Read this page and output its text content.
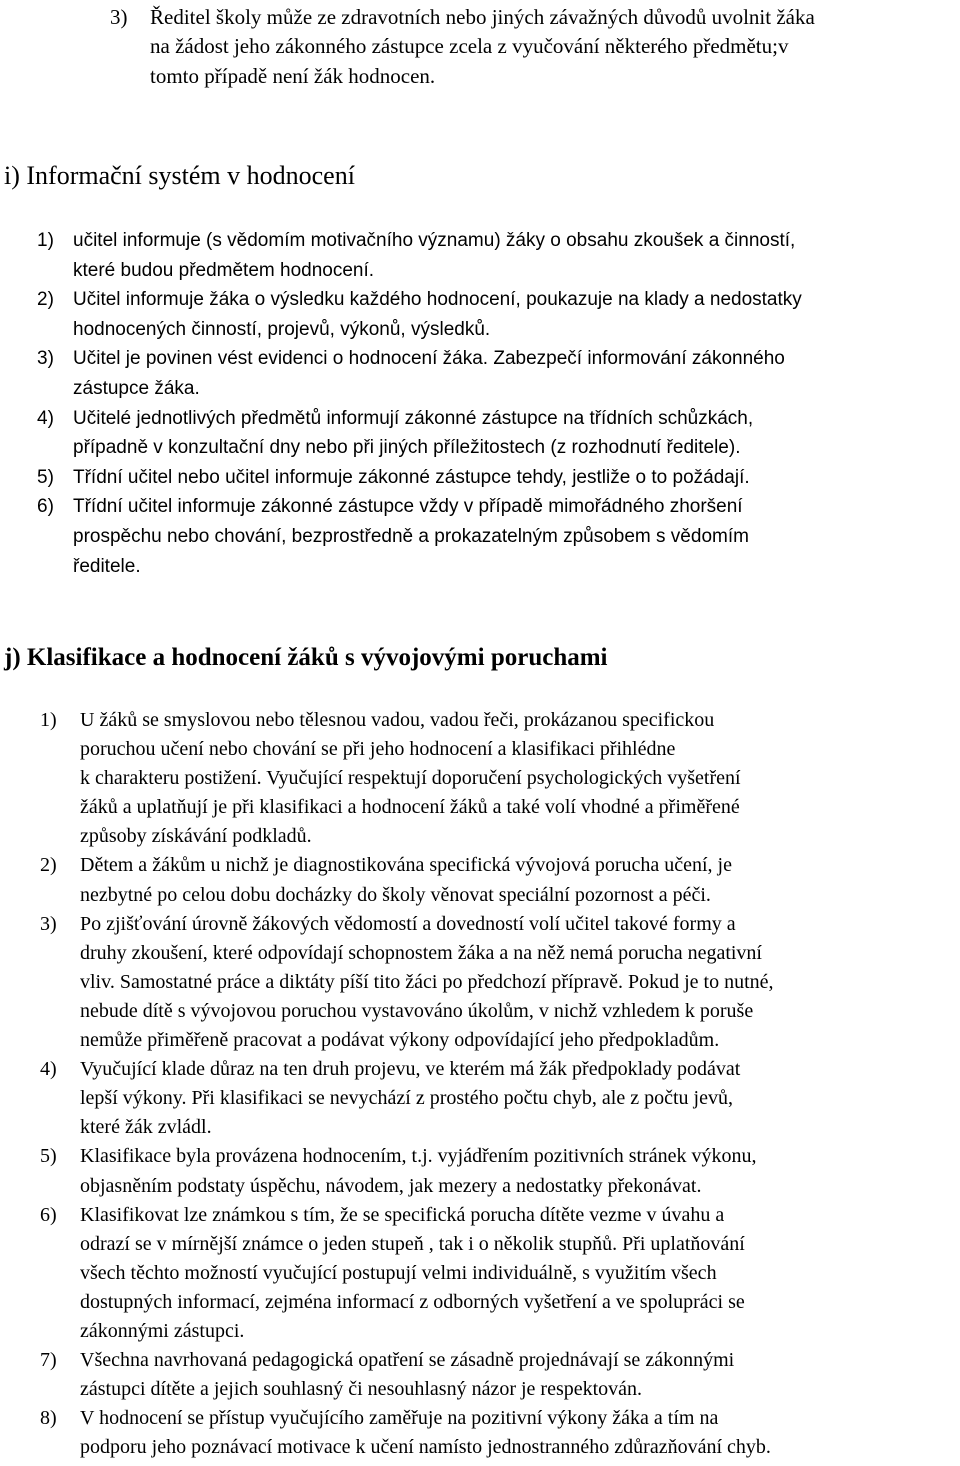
3) Ředitel školy může ze zdravotních nebo jiných závažných důvodů uvolnit žáka
na žádost jeho zákonného zástupce zcela z vyučování některého předmětu;v
tomto případě není žák hodnocen.
i) Informační systém v hodnocení
1) učitel informuje (s vědomím motivačního významu) žáky o obsahu zkoušek a činností,
které budou předmětem hodnocení.
2) Učitel informuje žáka o výsledku každého hodnocení, poukazuje na klady a nedostatky
hodnocených činností, projevů, výkonů, výsledků.
3) Učitel je povinen vést evidenci o hodnocení žáka. Zabezpečí informování zákonného
zástupce žáka.
4) Učitelé jednotlivých předmětů informují zákonné zástupce na třídních schůzkách,
případně v konzultační dny nebo při jiných příležitostech (z rozhodnutí ředitele).
5) Třídní učitel nebo učitel informuje zákonné zástupce tehdy, jestliže o to požádají.
6) Třídní učitel informuje zákonné zástupce vždy v případě mimořádného zhoršení
prospěchu nebo chování, bezprostředně a prokazatelným způsobem s vědomím
ředitele.
j) Klasifikace a hodnocení žáků s vývojovými poruchami
1) U žáků se smyslovou nebo tělesnou vadou, vadou řeči, prokázanou specifickou
poruchou učení nebo chování se při jeho hodnocení a klasifikaci přihlédne
k charakteru postižení. Vyučující respektují doporučení psychologických vyšetření
žáků a uplatňují je při klasifikaci a hodnocení žáků a také volí vhodné a přiměřené
způsoby získávání podkladů.
2) Dětem a žákům u nichž je diagnostikována specifická vývojová porucha učení, je
nezbytné po celou dobu docházky do školy věnovat speciální pozornost a péči.
3) Po zjišťování úrovně žákových vědomostí a dovedností volí učitel takové formy a
druhy zkoušení, které odpovídají schopnostem žáka a na něž nemá porucha negativní
vliv. Samostatné práce a diktáty píší tito žáci po předchozí přípravě. Pokud je to nutné,
nebude dítě s vývojovou poruchou vystavováno úkolům, v nichž vzhledem k poruše
nemůže přiměřeně pracovat a podávat výkony odpovídající jeho předpokladům.
4) Vyučující klade důraz na ten druh projevu, ve kterém má žák předpoklady podávat
lepší výkony. Při klasifikaci se nevychází z prostého počtu chyb, ale z počtu jevů,
které žák zvládl.
5) Klasifikace byla provázena hodnocením, t.j. vyjádřením pozitivních stránek výkonu,
objasněním podstaty úspěchu, návodem, jak mezery a nedostatky překonávat.
6) Klasifikovat lze známkou s tím, že se specifická porucha dítěte vezme v úvahu a
odrazí se v mírnější známce o jeden stupeň , tak i o několik stupňů. Při uplatňování
všech těchto možností vyučující postupují velmi individuálně, s využitím všech
dostupných informací, zejména informací z odborných vyšetření a ve spolupráci se
zákonnými zástupci.
7) Všechna navrhovaná pedagogická opatření se zásadně projednávají se zákonnými
zástupci dítěte a jejich souhlasný či nesouhlasný názor je respektován.
8) V hodnocení se přístup vyučujícího zaměřuje na pozitivní výkony žáka a tím na
podporu jeho poznávací motivace k učení namísto jednostranného zdůrazňování chyb.
